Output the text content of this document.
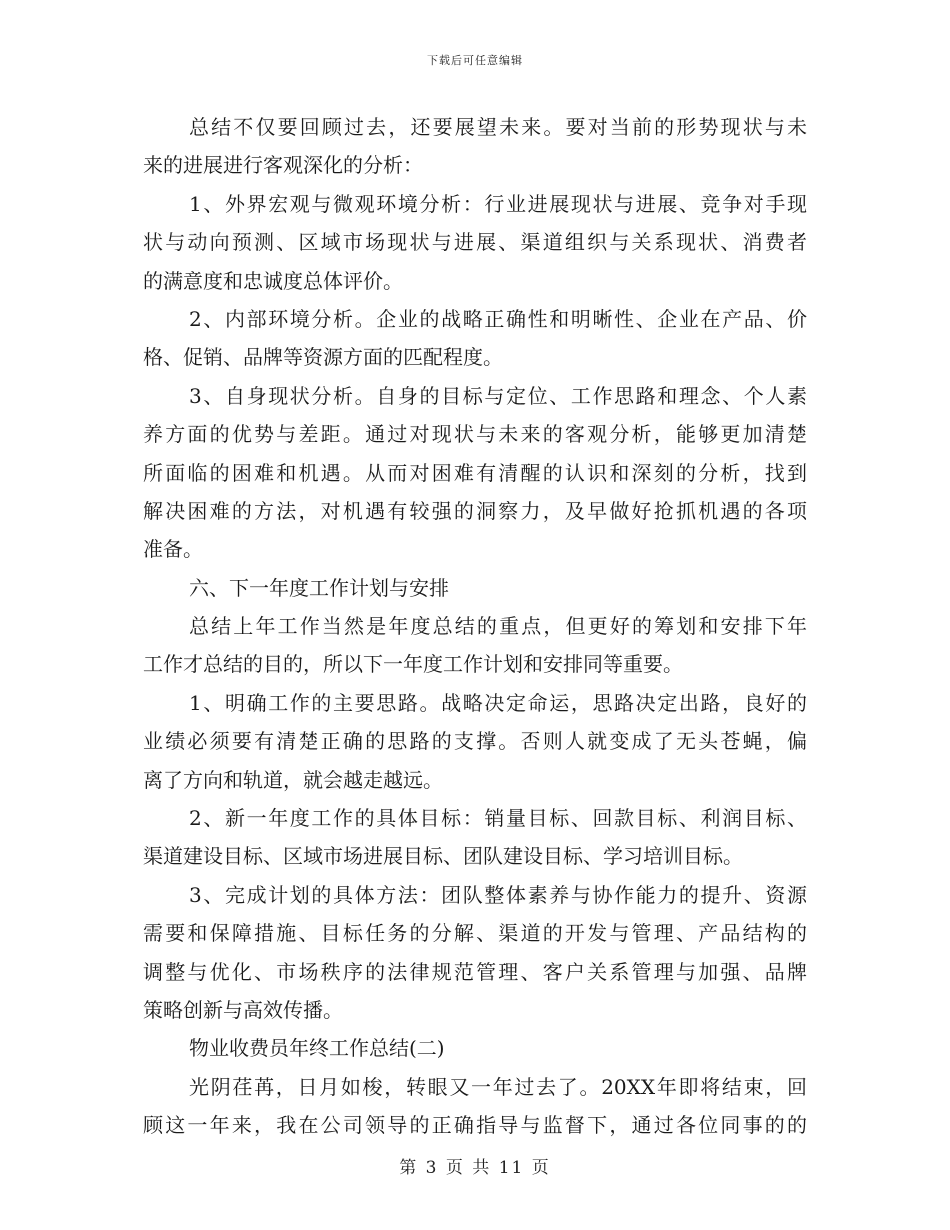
下载后可任意编辑
总结不仅要回顾过去，还要展望未来。要对当前的形势现状与未
来的进展进行客观深化的分析：
1、外界宏观与微观环境分析：行业进展现状与进展、竞争对手现
状与动向预测、区域市场现状与进展、渠道组织与关系现状、消费者
的满意度和忠诚度总体评价。
2、内部环境分析。企业的战略正确性和明晰性、企业在产品、价
格、促销、品牌等资源方面的匹配程度。
3、自身现状分析。自身的目标与定位、工作思路和理念、个人素
养方面的优势与差距。通过对现状与未来的客观分析，能够更加清楚
所面临的困难和机遇。从而对困难有清醒的认识和深刻的分析，找到
解决困难的方法，对机遇有较强的洞察力，及早做好抢抓机遇的各项
准备。
六、下一年度工作计划与安排
总结上年工作当然是年度总结的重点，但更好的筹划和安排下年
工作才总结的目的，所以下一年度工作计划和安排同等重要。
1、明确工作的主要思路。战略决定命运，思路决定出路，良好的
业绩必须要有清楚正确的思路的支撑。否则人就变成了无头苍蝇，偏
离了方向和轨道，就会越走越远。
2、新一年度工作的具体目标：销量目标、回款目标、利润目标、
渠道建设目标、区域市场进展目标、团队建设目标、学习培训目标。
3、完成计划的具体方法：团队整体素养与协作能力的提升、资源
需要和保障措施、目标任务的分解、渠道的开发与管理、产品结构的
调整与优化、市场秩序的法律规范管理、客户关系管理与加强、品牌
策略创新与高效传播。
物业收费员年终工作总结(二)
光阴荏苒，日月如梭，转眼又一年过去了。20XX年即将结束，回
顾这一年来，我在公司领导的正确指导与监督下，通过各位同事的的
第 3 页 共 11 页
